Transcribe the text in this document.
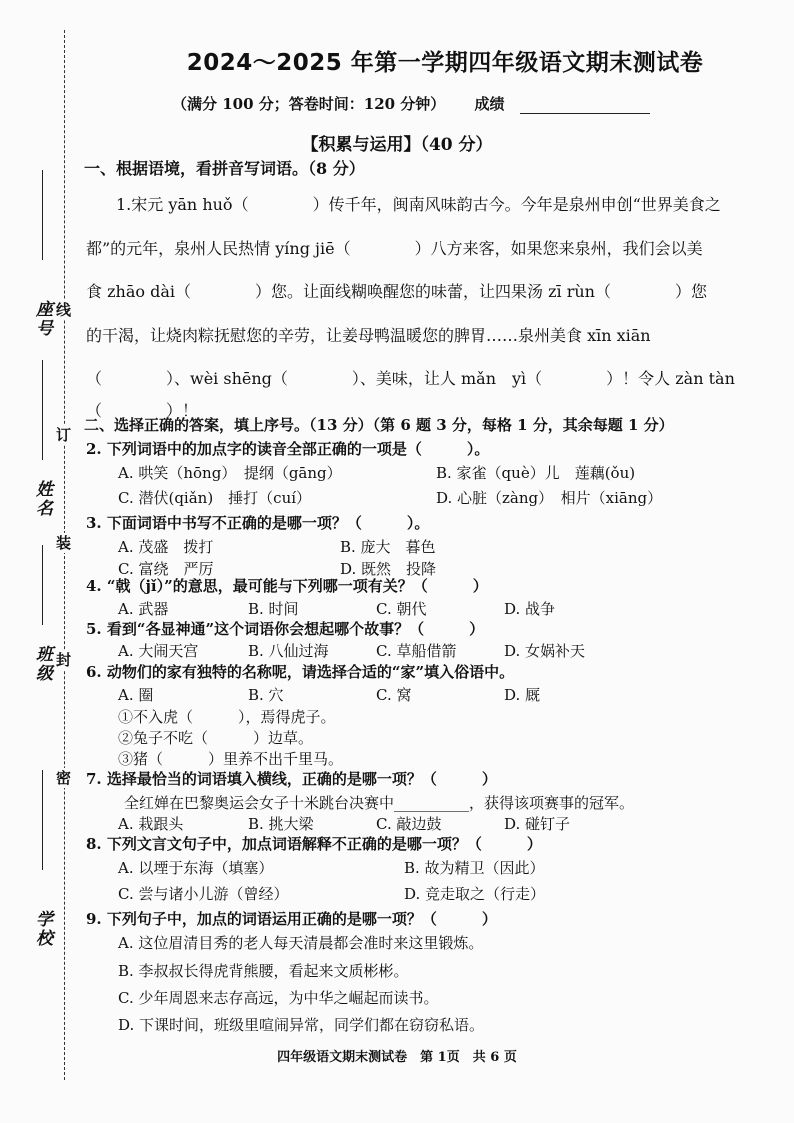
线
订
装
封
密
座号
姓名
班级
学校
2024～2025 年第一学期四年级语文期末测试卷
（满分 100 分；答卷时间：120 分钟） 成绩
【积累与运用】（40 分）
一、根据语境，看拼音写词语。（8 分）
1.宋元 yān huǒ（　　　　）传千年，闽南风味韵古今。今年是泉州申创“世界美食之
都”的元年，泉州人民热情 yíng jiē（　　　　）八方来客，如果您来泉州，我们会以美
食 zhāo dài（　　　　）您。让面线糊唤醒您的味蕾，让四果汤 zī rùn（　　　　）您
的干渴，让烧肉粽抚慰您的辛劳，让姜母鸭温暖您的脾胃……泉州美食 xīn xiān
（　　　　）、wèi shēng（　　　　）、美味，让人 mǎn　yì（　　　　）！令人 zàn tàn
（　　　　）！
二、选择正确的答案，填上序号。（13 分）（第 6 题 3 分，每格 1 分，其余每题 1 分）
2. 下列词语中的加点字的读音全部正确的一项是（　　　）。
A. 哄笑（hōng）　提纲（gāng）	B. 家雀（què）儿　莲藕(ǒu)
C. 潜伏(qiǎn)　捶打（cuí）	D. 心脏（zàng）　相片（xiāng）
3. 下面词语中书写不正确的是哪一项？（　　　）。
A. 茂盛　拨打	B. 庞大　暮色
C. 富绕　严厉	D. 既然　投降
4. “戟（jǐ）”的意思，最可能与下列哪一项有关？（　　　）
A. 武器	B. 时间	C. 朝代	D. 战争
5. 看到“各显神通”这个词语你会想起哪个故事？（　　　）
A. 大闹天宫	B. 八仙过海	C. 草船借箭	D. 女娲补天
6. 动物们的家有独特的名称呢，请选择合适的“家”填入俗语中。
A. 圈	B. 穴	C. 窝	D. 厩
①不入虎（　　　），焉得虎子。
②兔子不吃（　　　）边草。
③猪（　　　）里养不出千里马。
7. 选择最恰当的词语填入横线，正确的是哪一项？（　　　）
全红婵在巴黎奥运会女子十米跳台决赛中__________，获得该项赛事的冠军。
A. 栽跟头	B. 挑大梁	C. 敲边鼓	D. 碰钉子
8. 下列文言文句子中，加点词语解释不正确的是哪一项？（　　　）
A. 以堙于东海（填塞）	B. 故为精卫（因此）
C. 尝与诸小儿游（曾经）	D. 竞走取之（行走）
9. 下列句子中，加点的词语运用正确的是哪一项？（　　　）
A. 这位眉清目秀的老人每天清晨都会准时来这里锻炼。
B. 李叔叔长得虎背熊腰，看起来文质彬彬。
C. 少年周恩来志存高远，为中华之崛起而读书。
D. 下课时间，班级里喧闹异常，同学们都在窃窃私语。
四年级语文期末测试卷　第 1页　共 6 页
